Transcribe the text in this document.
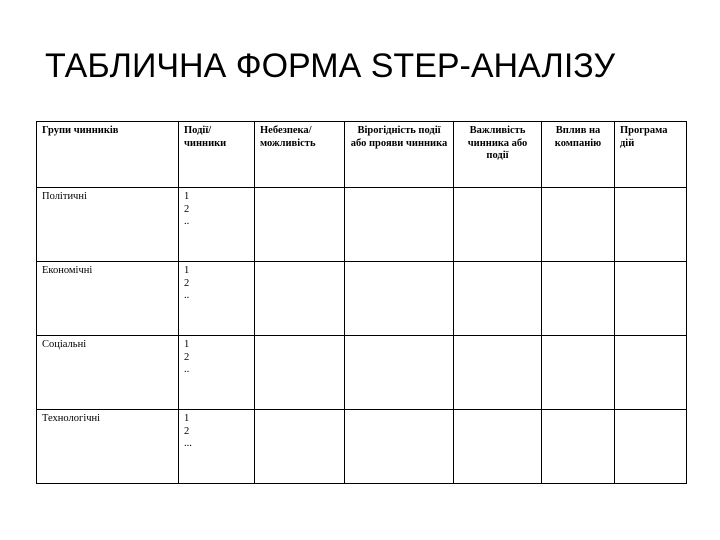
ТАБЛИЧНА ФОРМА STEP-АНАЛІЗУ
Групи чинників	Події/чинники	Небезпека/ можливість	Вірогідність події або прояви чинника	Важливість чинника або події	Вплив на компанію	Програма дій
Політичні	1
2
..					

Економічні	1
2
..					

Соціальні	1
2
..					

Технологічні	1
2
...					
